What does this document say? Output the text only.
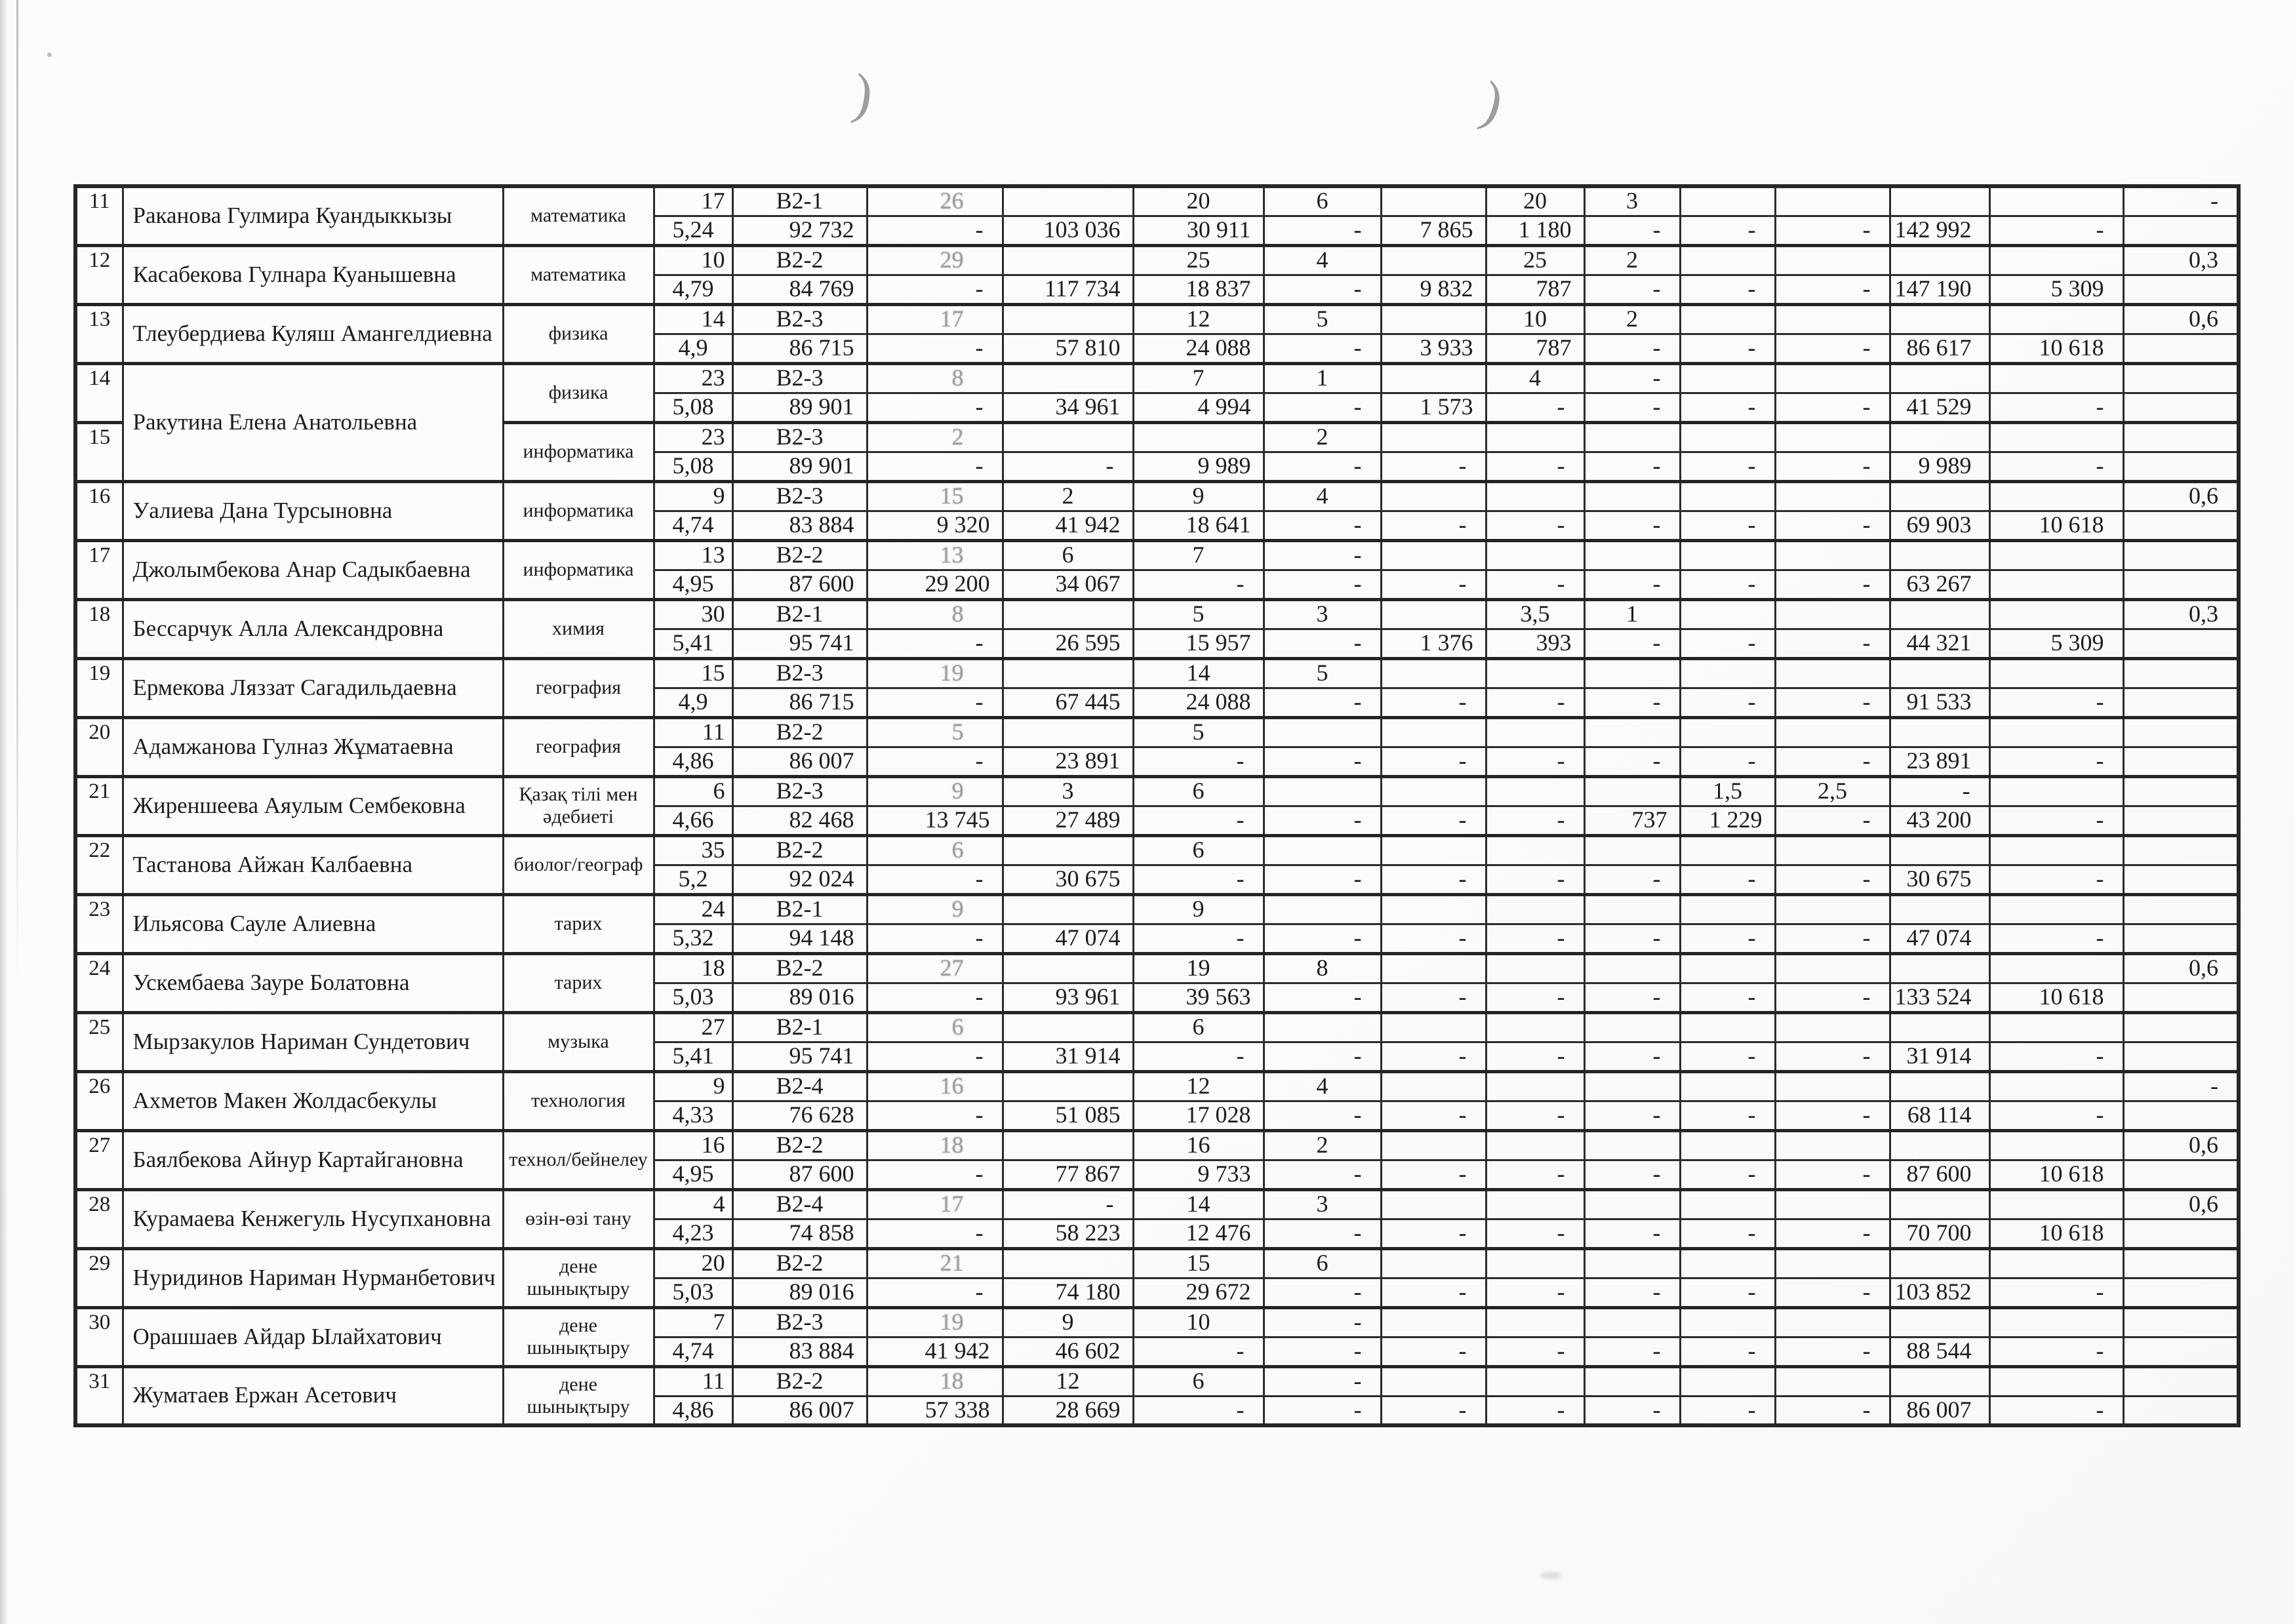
)	)
11	Раканова Гулмира Куандыккызы	математика	17	В2-1	26		20	6		20	3					-
			5,24	92 732	-	103 036	30 911	-	7 865	1 180	-	-	-	142 992	-	
12	Касабекова Гулнара Куанышевна	математика	10	В2-2	29		25	4		25	2					0,3
			4,79	84 769	-	117 734	18 837	-	9 832	787	-	-	-	147 190	5 309	
13	Тлеубердиева Куляш Амангелдиевна	физика	14	В2-3	17		12	5		10	2					0,6
			4,9	86 715	-	57 810	24 088	-	3 933	787	-	-	-	86 617	10 618	
14	Ракутина Елена Анатольевна	физика	23	В2-3	8		7	1		4	-					
			5,08	89 901	-	34 961	4 994	-	1 573	-	-	-	-	41 529	-	
15		информатика	23	В2-3	2			2								
			5,08	89 901	-	-	9 989	-	-	-	-	-	-	9 989	-	
16	Уалиева Дана Турсыновна	информатика	9	В2-3	15	2	9	4								0,6
			4,74	83 884	9 320	41 942	18 641	-	-	-	-	-	-	69 903	10 618	
17	Джолымбекова Анар Садыкбаевна	информатика	13	В2-2	13	6	7	-								
			4,95	87 600	29 200	34 067	-	-	-	-	-	-	-	63 267		
18	Бессарчук Алла Александровна	химия	30	В2-1	8		5	3		3,5	1					0,3
			5,41	95 741	-	26 595	15 957	-	1 376	393	-	-	-	44 321	5 309	
19	Ермекова Ляззат Сагадильдаевна	география	15	В2-3	19		14	5								
			4,9	86 715	-	67 445	24 088	-	-	-	-	-	-	91 533	-	
20	Адамжанова Гулназ Жұматаевна	география	11	В2-2	5		5									
			4,86	86 007	-	23 891	-	-	-	-	-	-	-	23 891	-	
21	Жиреншеева Аяулым Сембековна	Қазақ тілі мен әдебиеті	6	В2-3	9	3	6					1,5	2,5	-		
			4,66	82 468	13 745	27 489	-	-	-	-	737	1 229	-	43 200	-	
22	Тастанова Айжан Калбаевна	биолог/географ	35	В2-2	6		6									
			5,2	92 024	-	30 675	-	-	-	-	-	-	-	30 675	-	
23	Ильясова Сауле Алиевна	тарих	24	В2-1	9		9									
			5,32	94 148	-	47 074	-	-	-	-	-	-	-	47 074	-	
24	Ускембаева Зауре Болатовна	тарих	18	В2-2	27		19	8								0,6
			5,03	89 016	-	93 961	39 563	-	-	-	-	-	-	133 524	10 618	
25	Мырзакулов Нариман Сундетович	музыка	27	В2-1	6		6									
			5,41	95 741	-	31 914	-	-	-	-	-	-	-	31 914	-	
26	Ахметов Макен Жолдасбекулы	технология	9	В2-4	16		12	4								-
			4,33	76 628	-	51 085	17 028	-	-	-	-	-	-	68 114	-	
27	Баялбекова Айнур Картайгановна	технол/бейнелеу	16	В2-2	18		16	2								0,6
			4,95	87 600	-	77 867	9 733	-	-	-	-	-	-	87 600	10 618	
28	Курамаева Кенжегуль Нусупхановна	өзін-өзі тану	4	В2-4	17	-	14	3								0,6
			4,23	74 858	-	58 223	12 476	-	-	-	-	-	-	70 700	10 618	
29	Нуридинов Нариман Нурманбетович	дене шынықтыру	20	В2-2	21		15	6								
			5,03	89 016	-	74 180	29 672	-	-	-	-	-	-	103 852	-	
30	Орашшаев Айдар Ылайхатович	дене шынықтыру	7	В2-3	19	9	10	-								
			4,74	83 884	41 942	46 602	-	-	-	-	-	-	-	88 544	-	
31	Жуматаев Ержан Асетович	дене шынықтыру	11	В2-2	18	12	6	-								
			4,86	86 007	57 338	28 669	-	-	-	-	-	-	-	86 007	-	
